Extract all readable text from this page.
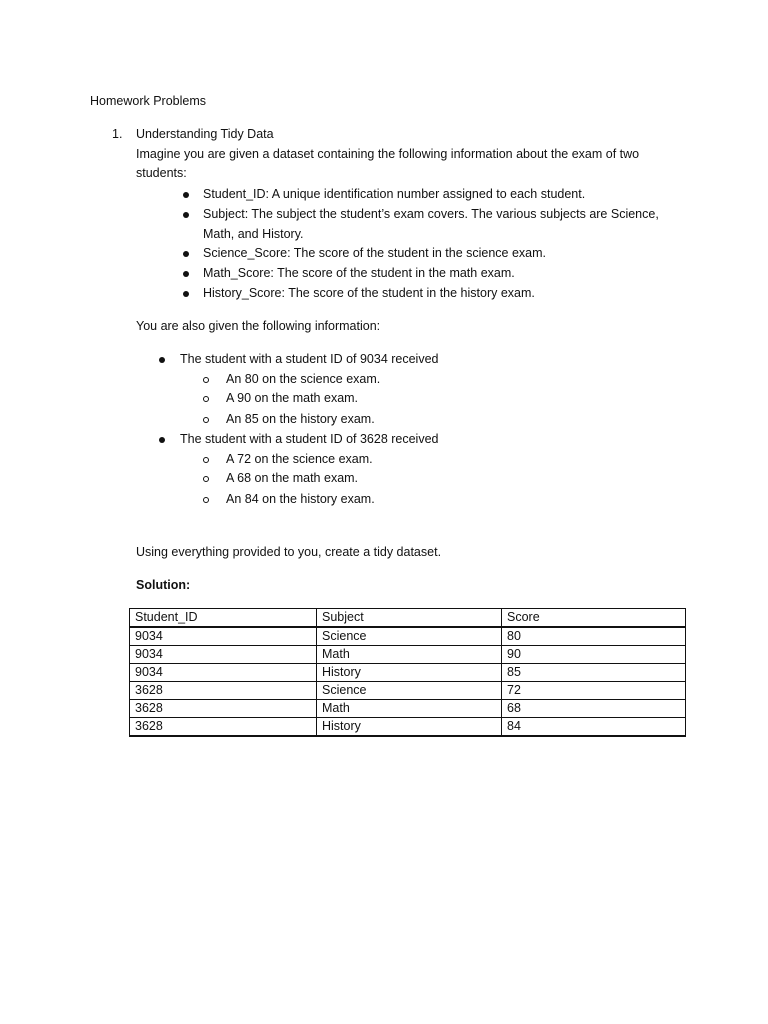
Homework Problems
1. Understanding Tidy Data
Imagine you are given a dataset containing the following information about the exam of two
students:
Student_ID: A unique identification number assigned to each student.
Subject: The subject the student’s exam covers. The various subjects are Science,
Math, and History.
Science_Score: The score of the student in the science exam.
Math_Score: The score of the student in the math exam.
History_Score: The score of the student in the history exam.
You are also given the following information:
The student with a student ID of 9034 received
An 80 on the science exam.
A 90 on the math exam.
An 85 on the history exam.
The student with a student ID of 3628 received
A 72 on the science exam.
A 68 on the math exam.
An 84 on the history exam.
Using everything provided to you, create a tidy dataset.
Solution:
Student_ID	Subject	Score
9034	Science	80
9034	Math	90
9034	History	85
3628	Science	72
3628	Math	68
3628	History	84
